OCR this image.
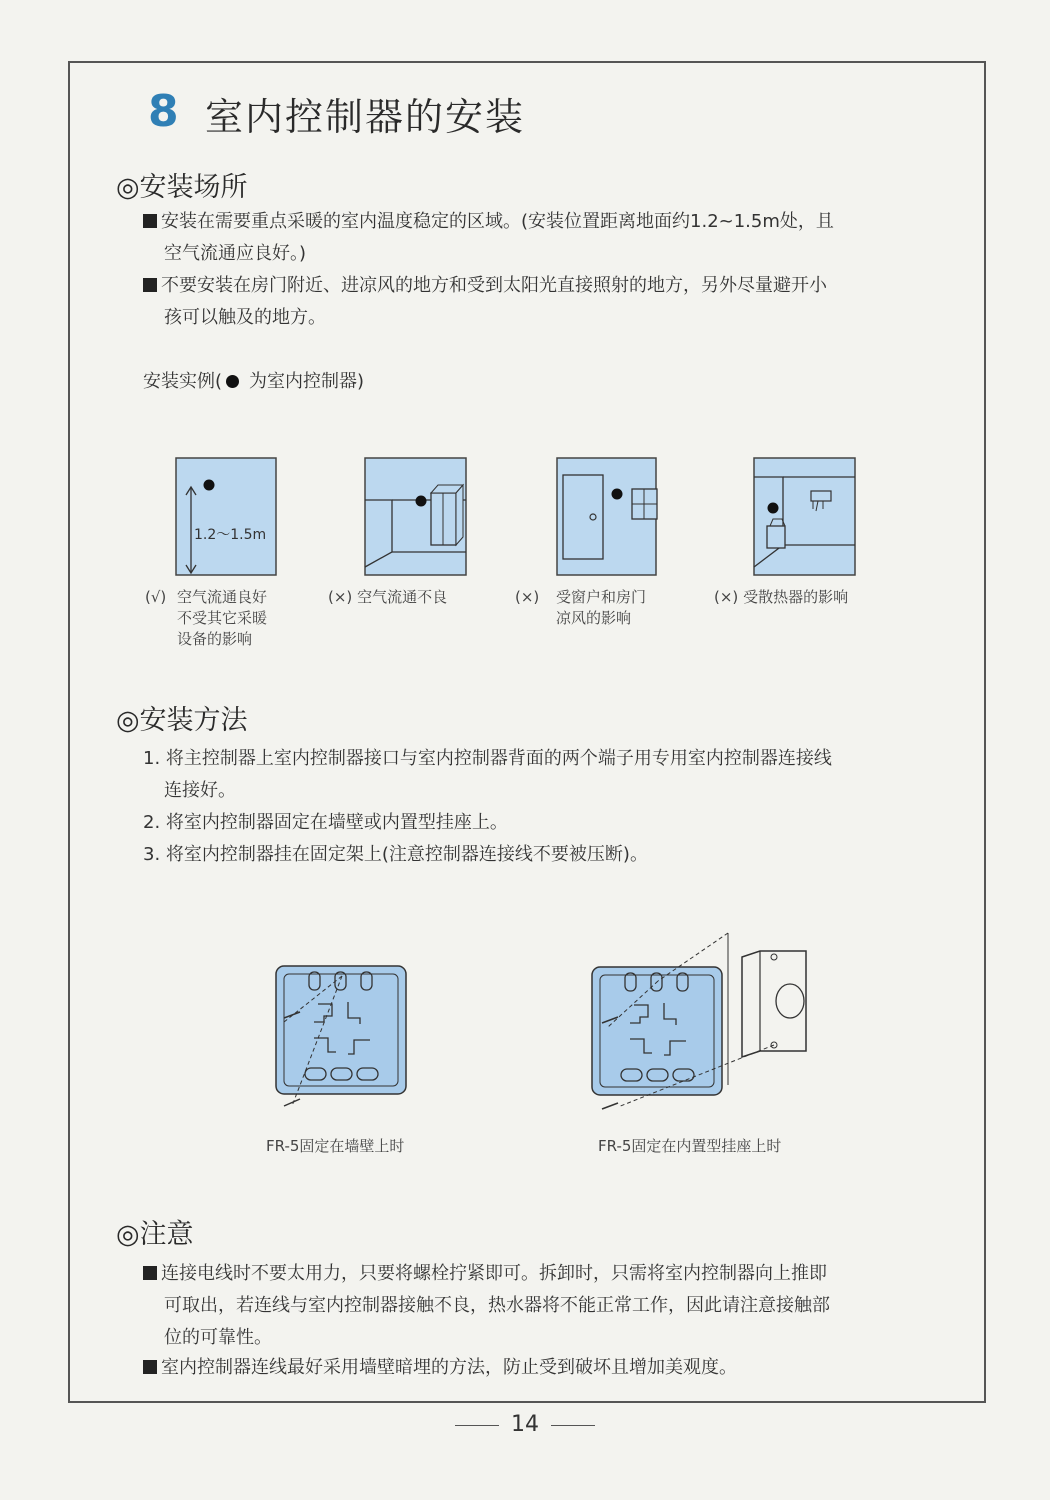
8 室内控制器的安装
◎安装场所
安装在需要重点采暖的室内温度稳定的区域。(安装位置距离地面约1.2~1.5m处，且
空气流通应良好。)
不要安装在房门附近、进凉风的地方和受到太阳光直接照射的地方，另外尽量避开小
孩可以触及的地方。
安装实例( 为室内控制器)
1.2～1.5m
(√) 空气流通良好
不受其它采暖
设备的影响
(×) 空气流通不良	(×) 受窗户和房门
凉风的影响
(×) 受散热器的影响
◎安装方法
1. 将主控制器上室内控制器接口与室内控制器背面的两个端子用专用室内控制器连接线
连接好。
2. 将室内控制器固定在墙壁或内置型挂座上。
3. 将室内控制器挂在固定架上(注意控制器连接线不要被压断)。
FR-5固定在墙壁上时	FR-5固定在内置型挂座上时
◎注意
连接电线时不要太用力，只要将螺栓拧紧即可。拆卸时，只需将室内控制器向上推即
可取出，若连线与室内控制器接触不良，热水器将不能正常工作，因此请注意接触部
位的可靠性。
室内控制器连线最好采用墙壁暗埋的方法，防止受到破坏且增加美观度。
14
